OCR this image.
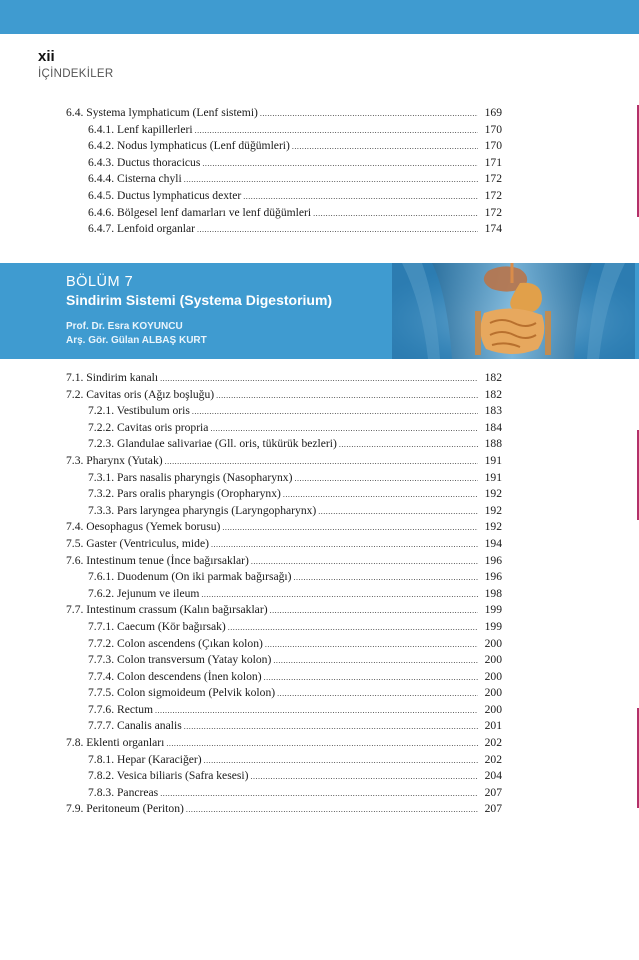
xii
İÇİNDEKİLER
6.4. Systema lymphaticum (Lenf sistemi) .....	169
6.4.1. Lenf kapillerleri .....	170
6.4.2. Nodus lymphaticus (Lenf düğümleri) .....	170
6.4.3. Ductus thoracicus .....	171
6.4.4. Cisterna chyli .....	172
6.4.5. Ductus lymphaticus dexter .....	172
6.4.6. Bölgesel lenf damarları ve lenf düğümleri .....	172
6.4.7. Lenfoid organlar .....	174
BÖLÜM 7
Sindirim Sistemi (Systema Digestorium)
Prof. Dr. Esra KOYUNCU
Arş. Gör. Gülan ALBAŞ KURT
7.1. Sindirim kanalı .....	182
7.2. Cavitas oris (Ağız boşluğu) .....	182
7.2.1. Vestibulum oris .....	183
7.2.2. Cavitas oris propria .....	184
7.2.3. Glandulae salivariae (Gll. oris, tükürük bezleri) .....	188
7.3. Pharynx (Yutak) .....	191
7.3.1. Pars nasalis pharyngis (Nasopharynx) .....	191
7.3.2. Pars oralis pharyngis (Oropharynx) .....	192
7.3.3. Pars laryngea pharyngis (Laryngopharynx) .....	192
7.4. Oesophagus (Yemek borusu) .....	192
7.5. Gaster (Ventriculus, mide) .....	194
7.6. Intestinum tenue (İnce bağırsaklar) .....	196
7.6.1. Duodenum (On iki parmak bağırsağı) .....	196
7.6.2. Jejunum ve ileum .....	198
7.7. Intestinum crassum (Kalın bağırsaklar) .....	199
7.7.1. Caecum (Kör bağırsak) .....	199
7.7.2. Colon ascendens (Çıkan kolon) .....	200
7.7.3. Colon transversum (Yatay kolon) .....	200
7.7.4. Colon descendens (İnen kolon) .....	200
7.7.5. Colon sigmoideum (Pelvik kolon) .....	200
7.7.6. Rectum .....	200
7.7.7. Canalis analis .....	201
7.8. Eklenti organları .....	202
7.8.1. Hepar (Karaciğer) .....	202
7.8.2. Vesica biliaris (Safra kesesi) .....	204
7.8.3. Pancreas .....	207
7.9. Peritoneum (Periton) .....	207
